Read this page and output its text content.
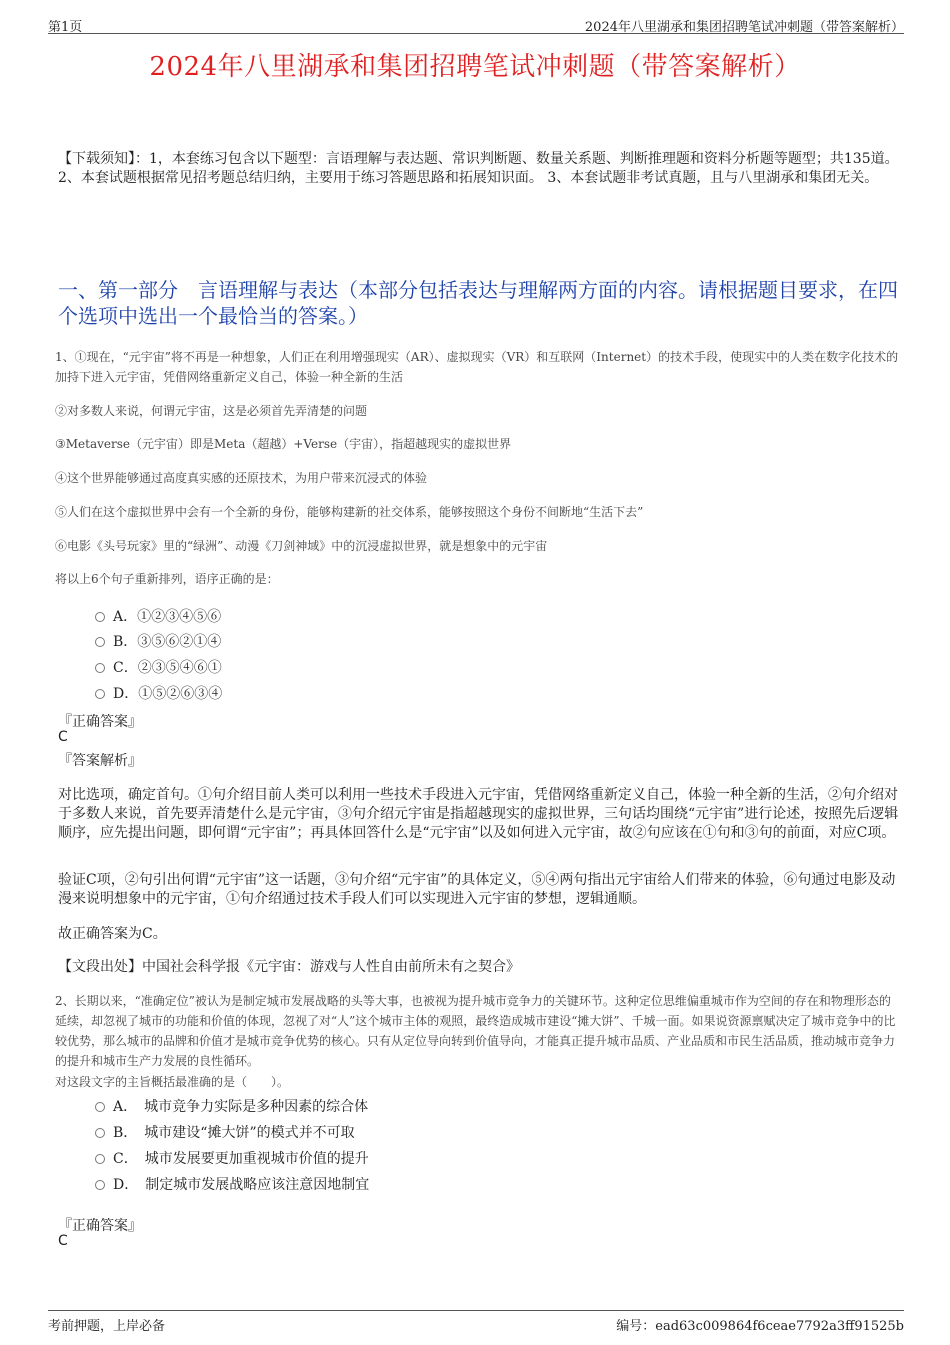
第1页	2024年八里湖承和集团招聘笔试冲刺题（带答案解析）
2024年八里湖承和集团招聘笔试冲刺题（带答案解析）
【下载须知】：1，本套练习包含以下题型：言语理解与表达题、常识判断题、数量关系题、判断推理题和资料分析题等题型；共135道。 2、本套试题根据常见招考题总结归纳，主要用于练习答题思路和拓展知识面。 3、本套试题非考试真题，且与八里湖承和集团无关。
一、第一部分　言语理解与表达（本部分包括表达与理解两方面的内容。请根据题目要求，在四个选项中选出一个最恰当的答案。）
1、①现在，“元宇宙”将不再是一种想象，人们正在利用增强现实（AR）、虚拟现实（VR）和互联网（Internet）的技术手段，使现实中的人类在数字化技术的加持下进入元宇宙，凭借网络重新定义自己，体验一种全新的生活
②对多数人来说，何谓元宇宙，这是必须首先弄清楚的问题
③Metaverse（元宇宙）即是Meta（超越）+Verse（宇宙），指超越现实的虚拟世界
④这个世界能够通过高度真实感的还原技术，为用户带来沉浸式的体验
⑤人们在这个虚拟世界中会有一个全新的身份，能够构建新的社交体系，能够按照这个身份不间断地“生活下去”
⑥电影《头号玩家》里的“绿洲”、动漫《刀剑神域》中的沉浸虚拟世界，就是想象中的元宇宙
将以上6个句子重新排列，语序正确的是：
A．①②③④⑤⑥
B．③⑤⑥②①④
C．②③⑤④⑥①
D．①⑤②⑥③④
『正确答案』
C
『答案解析』
对比选项，确定首句。①句介绍目前人类可以利用一些技术手段进入元宇宙，凭借网络重新定义自己，体验一种全新的生活，②句介绍对于多数人来说，首先要弄清楚什么是元宇宙，③句介绍元宇宙是指超越现实的虚拟世界，三句话均围绕“元宇宙”进行论述，按照先后逻辑顺序，应先提出问题，即何谓“元宇宙”；再具体回答什么是“元宇宙”以及如何进入元宇宙，故②句应该在①句和③句的前面，对应C项。
验证C项，②句引出何谓“元宇宙”这一话题，③句介绍“元宇宙”的具体定义，⑤④两句指出元宇宙给人们带来的体验，⑥句通过电影及动漫来说明想象中的元宇宙，①句介绍通过技术手段人们可以实现进入元宇宙的梦想，逻辑通顺。
故正确答案为C。
【文段出处】中国社会科学报《元宇宙：游戏与人性自由前所未有之契合》
2、长期以来，“准确定位”被认为是制定城市发展战略的头等大事，也被视为提升城市竞争力的关键环节。这种定位思维偏重城市作为空间的存在和物理形态的延续，却忽视了城市的功能和价值的体现，忽视了对“人”这个城市主体的观照，最终造成城市建设“摊大饼”、千城一面。如果说资源禀赋决定了城市竞争中的比较优势，那么城市的品牌和价值才是城市竞争优势的核心。只有从定位导向转到价值导向，才能真正提升城市品质、产业品质和市民生活品质，推动城市竞争力的提升和城市生产力发展的良性循环。
对这段文字的主旨概括最准确的是（　　）。
A．　城市竞争力实际是多种因素的综合体
B．　城市建设“摊大饼”的模式并不可取
C．　城市发展要更加重视城市价值的提升
D．　制定城市发展战略应该注意因地制宜
『正确答案』
C
考前押题，上岸必备	编号：ead63c009864f6ceae7792a3ff91525b
